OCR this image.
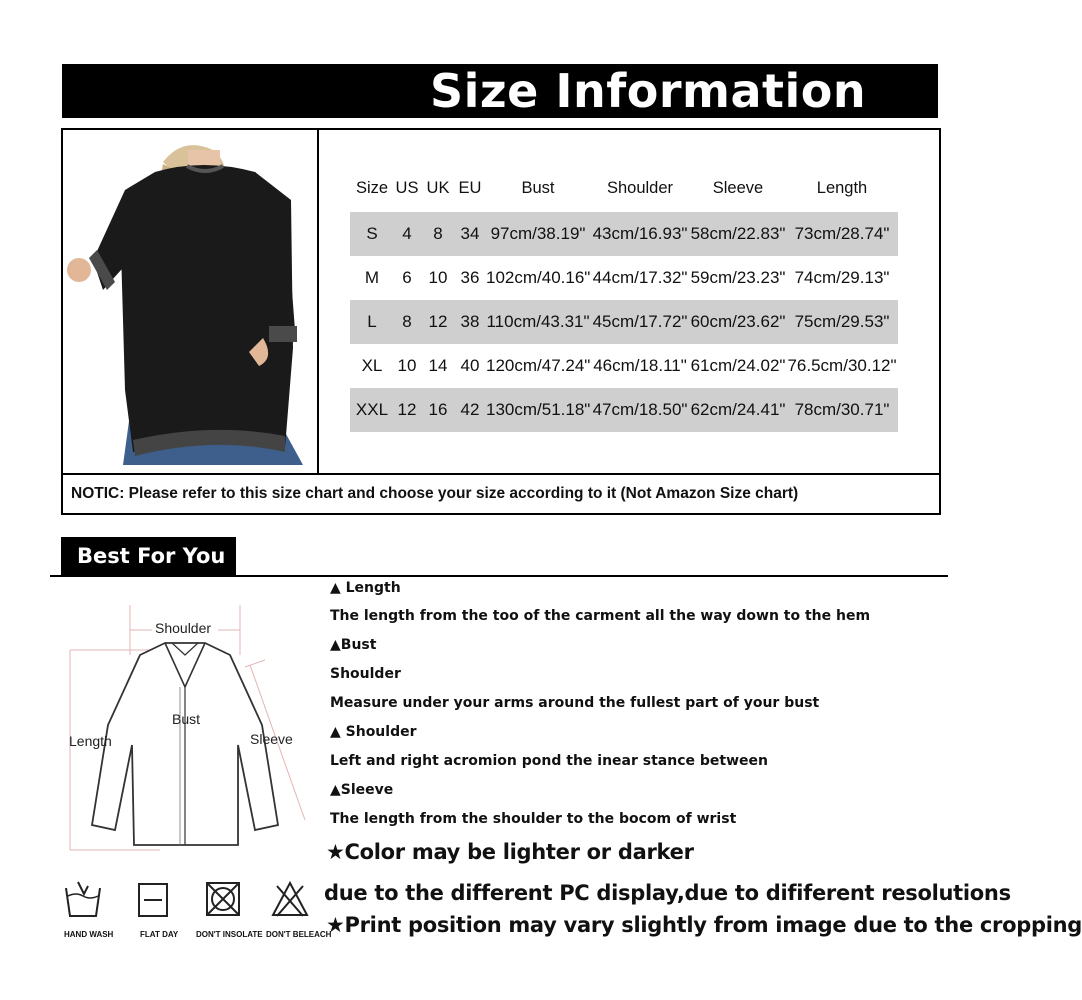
Size Information
NOTIC: Please refer to this size chart and choose your size according to it (Not Amazon Size chart)
Size US UK EU	Bust	Shoulder	Sleeve	Length
S	4	8	34 97cm/38.19" 43cm/16.93" 58cm/22.83" 73cm/28.74"
M	6 10 36 102cm/40.16" 44cm/17.32" 59cm/23.23" 74cm/29.13"
L	8 12 38 110cm/43.31" 45cm/17.72" 60cm/23.62" 75cm/29.53"
XL 10 14 40 120cm/47.24" 46cm/18.11" 61cm/24.02" 76.5cm/30.12"
XXL 12 16 42 130cm/51.18" 47cm/18.50" 62cm/24.41" 78cm/30.71"
Best For You
Shoulder
Bust
Length	Sleeve
▲ Length
The length from the too of the carment all the way down to the hem
▲Bust
Shoulder
Measure under your arms around the fullest part of your bust
▲ Shoulder
Left and right acromion pond the inear stance between
▲Sleeve
The length from the shoulder to the bocom of wrist
★Color may be lighter or darker
due to the different PC display,due to dififerent resolutions
★Print position may vary slightly from image due to the cropping
HAND WASH	FLAT DAY DON'T INSOLATE DON'T BELEACH
